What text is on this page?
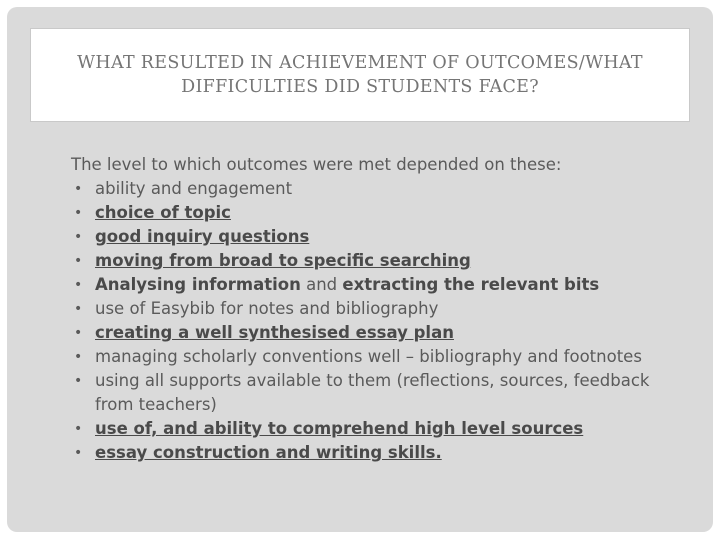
WHAT RESULTED IN ACHIEVEMENT OF OUTCOMES/WHAT DIFFICULTIES DID STUDENTS FACE?

The level to which outcomes were met depended on these:

• ability and engagement
• choice of topic
• good inquiry questions
• moving from broad to specific searching
• Analysing information and extracting the relevant bits
• use of Easybib for notes and bibliography
• creating a well synthesised essay plan
• managing scholarly conventions well – bibliography and footnotes
• using all supports available to them (reflections, sources, feedback from teachers)
• use of, and ability to comprehend high level sources
• essay construction and writing skills.
